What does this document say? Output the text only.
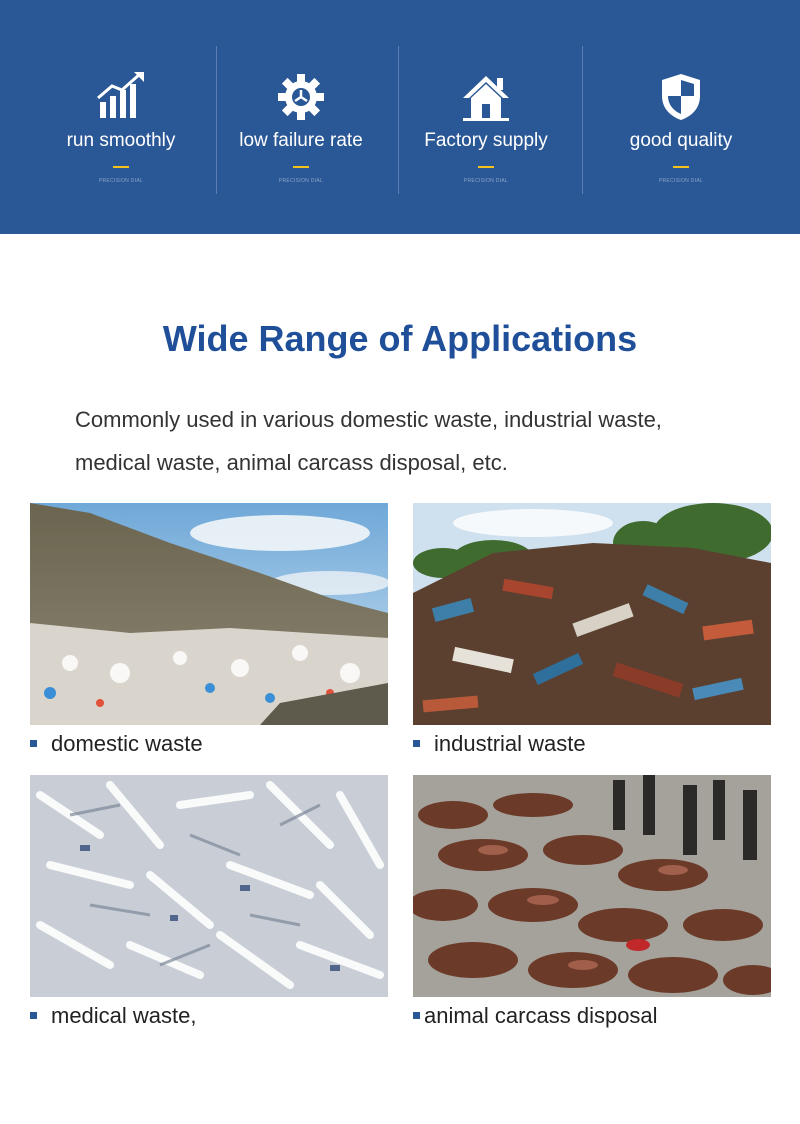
run smoothly
PRECISION DIAL
low failure rate
PRECISION DIAL
Factory supply
PRECISION DIAL
good quality
PRECISION DIAL
Wide Range of Applications
Commonly used in various domestic waste, industrial waste,
medical waste, animal carcass disposal, etc.
domestic waste	industrial waste
medical waste,	animal carcass disposal
